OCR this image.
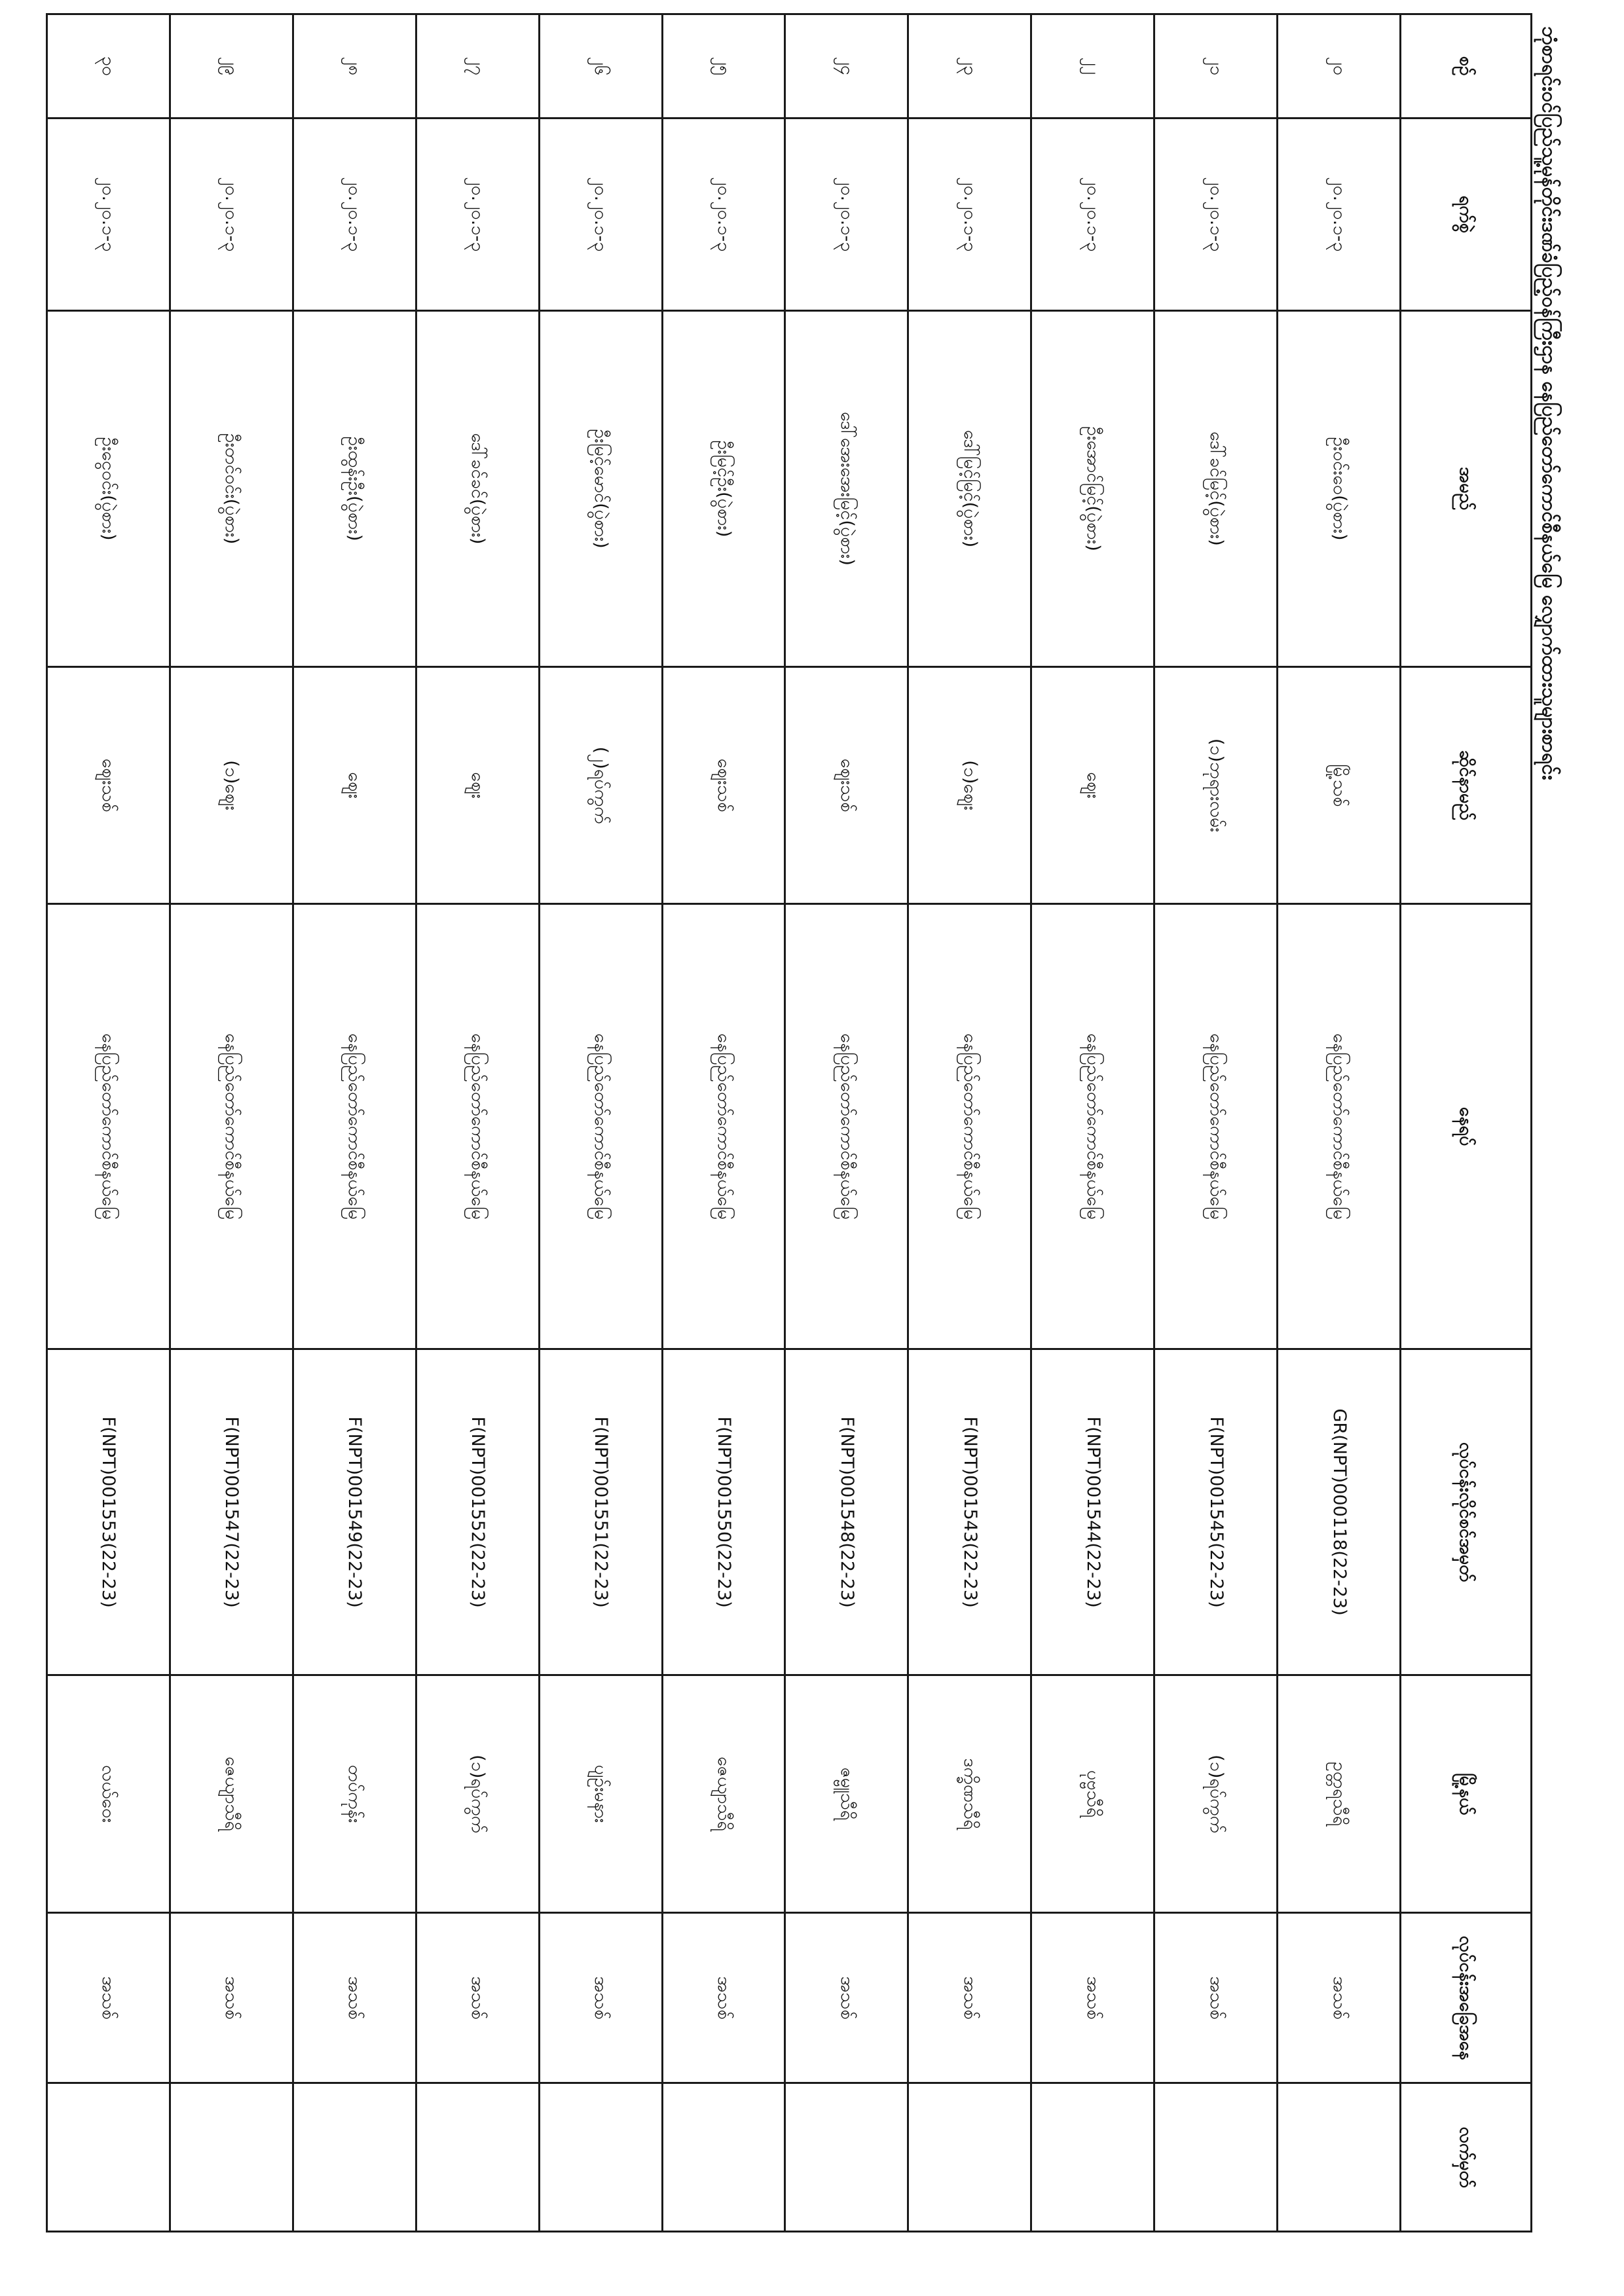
ဘုံစာရင်းဝင်ပြည်သူ့မုန်တိုင်းဒဏ်ခံပြည့်ဝန်ကြီးဌာန နေပြည်တော်ကောင်စီနယ်မြေ လျှောက်ထားသူများစာရင်း
စဉ်	ရက်စွဲ	အမည်	ဆိုင်နာမည်	နေရပ်	လုပ်ငန်းလိုင်စင်အမှတ်	မြို့နယ်	လုပ်ငန်းအခြေအနေ	လက်မှတ်
၂၀	၂၀.၂၀.၁-၃	ဦးဝင်းဝေ(ပွဲစား)	မြို့သစ်	နေပြည်တော်ကောင်စီနယ်မြေ	GR(NPT)000118(22-23)	ဥတ္တရသီရိ	အသစ်	
၂၁	၂၀.၂၀.၁-၃	ဒေါ်ခင်မြင့်(ပွဲစား)	(၁)ဘုရားလမ်း	နေပြည်တော်ကောင်စီနယ်မြေ	F(NPT)001545(22-23)	(၁)ရပ်ကွက်	အသစ်	
၂၂	၂၀.၂၀.၁-၃	ဦးအောင်မြင့်(ပွဲစား)	ဈေး	နေပြည်တော်ကောင်စီနယ်မြေ	F(NPT)001544(22-23)	ပုဗ္ဗသီရိ	အသစ်	
၂၃	၂၀.၂၀.၁-၃	ဒေါ်မြင့်မြင့်(ပွဲစား)	(၁)ဈေး	နေပြည်တော်ကောင်စီနယ်မြေ	F(NPT)001543(22-23)	ဒက္ခိဏသီရိ	အသစ်	
၂၄	၂၀.၂၀.၁-၃	ဒေါ်အေးအေးမြင့်(ပွဲစား)	ဈေးသစ်	နေပြည်တော်ကောင်စီနယ်မြေ	F(NPT)001548(22-23)	ဇမ္ဗူသီရိ	အသစ်	
၂၅	၂၀.၂၀.၁-၃	ဦးမြင့်ဦး(ပွဲစား)	ဈေးသစ်	နေပြည်တော်ကောင်စီနယ်မြေ	F(NPT)001550(22-23)	ဇေယျာသီရိ	အသစ်	
၂၆	၂၀.၂၀.၁-၃	ဦးမြင့်မောင်(ပွဲစား)	(၂)ရပ်ကွက်	နေပြည်တော်ကောင်စီနယ်မြေ	F(NPT)001551(22-23)	ပျဉ်းမနား	အသစ်	
၂၇	၂၀.၂၀.၁-၃	ဒေါ်ခင်ခင်(ပွဲစား)	ဈေး	နေပြည်တော်ကောင်စီနယ်မြေ	F(NPT)001552(22-23)	(၁)ရပ်ကွက်	အသစ်	
၂၈	၂၀.၂၀.၁-၃	ဦးထွန်းဦး(ပွဲစား)	ဈေး	နေပြည်တော်ကောင်စီနယ်မြေ	F(NPT)001549(22-23)	တပ်ကုန်း	အသစ်	
၂၉	၂၀.၂၀.၁-၃	ဦးတင်ဝင်း(ပွဲစား)	(၁)ဈေး	နေပြည်တော်ကောင်စီနယ်မြေ	F(NPT)001547(22-23)	ဇေယျာသီရိ	အသစ်	
၃၀	၂၀.၂၀.၁-၃	ဦးငွေဝင်း(ပွဲစား)	ဈေးသစ်	နေပြည်တော်ကောင်စီနယ်မြေ	F(NPT)001553(22-23)	လယ်ဝေး	အသစ်	
